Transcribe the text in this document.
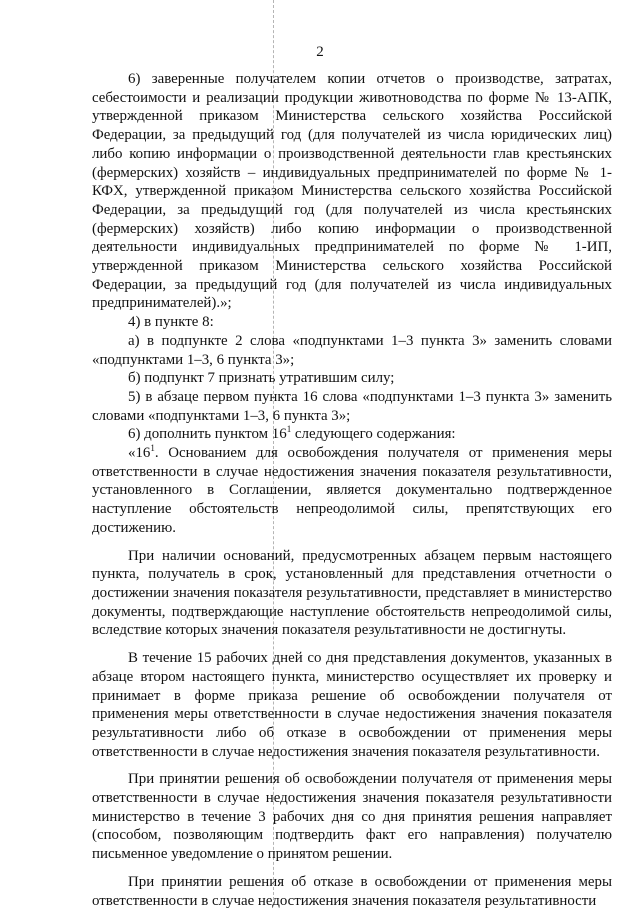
2

6) заверенные получателем копии отчетов о производстве, затратах, себестоимости и реализации продукции животноводства по форме № 13-АПК, утвержденной приказом Министерства сельского хозяйства Российской Федерации, за предыдущий год (для получателей из числа юридических лиц) либо копию информации о производственной деятельности глав крестьянских (фермерских) хозяйств – индивидуальных предпринимателей по форме № 1-КФХ, утвержденной приказом Министерства сельского хозяйства Российской Федерации, за предыдущий год (для получателей из числа крестьянских (фермерских) хозяйств) либо копию информации о производственной деятельности индивидуальных предпринимателей по форме № 1-ИП, утвержденной приказом Министерства сельского хозяйства Российской Федерации, за предыдущий год (для получателей из числа индивидуальных предпринимателей).»;

4) в пункте 8:

а) в подпункте 2 слова «подпунктами 1–3 пункта 3» заменить словами «подпунктами 1–3, 6 пункта 3»;

б) подпункт 7 признать утратившим силу;

5) в абзаце первом пункта 16 слова «подпунктами 1–3 пункта 3» заменить словами «подпунктами 1–3, 6 пункта 3»;

6) дополнить пунктом $16^1$ следующего содержания:

«$16^1$. Основанием для освобождения получателя от применения меры ответственности в случае недостижения значения показателя результативности, установленного в Соглашении, является документально подтвержденное наступление обстоятельств непреодолимой силы, препятствующих его достижению.

При наличии оснований, предусмотренных абзацем первым настоящего пункта, получатель в срок, установленный для представления отчетности о достижении значения показателя результативности, представляет в министерство документы, подтверждающие наступление обстоятельств непреодолимой силы, вследствие которых значения показателя результативности не достигнуты.

В течение 15 рабочих дней со дня представления документов, указанных в абзаце втором настоящего пункта, министерство осуществляет их проверку и принимает в форме приказа решение об освобождении получателя от применения меры ответственности в случае недостижения значения показателя результативности либо об отказе в освобождении от применения меры ответственности в случае недостижения значения показателя результативности.

При принятии решения об освобождении получателя от применения меры ответственности в случае недостижения значения показателя результативности министерство в течение 3 рабочих дня со дня принятия решения направляет (способом, позволяющим подтвердить факт его направления) получателю письменное уведомление о принятом решении.

При принятии решения об отказе в освобождении от применения меры ответственности в случае недостижения значения показателя результативности
